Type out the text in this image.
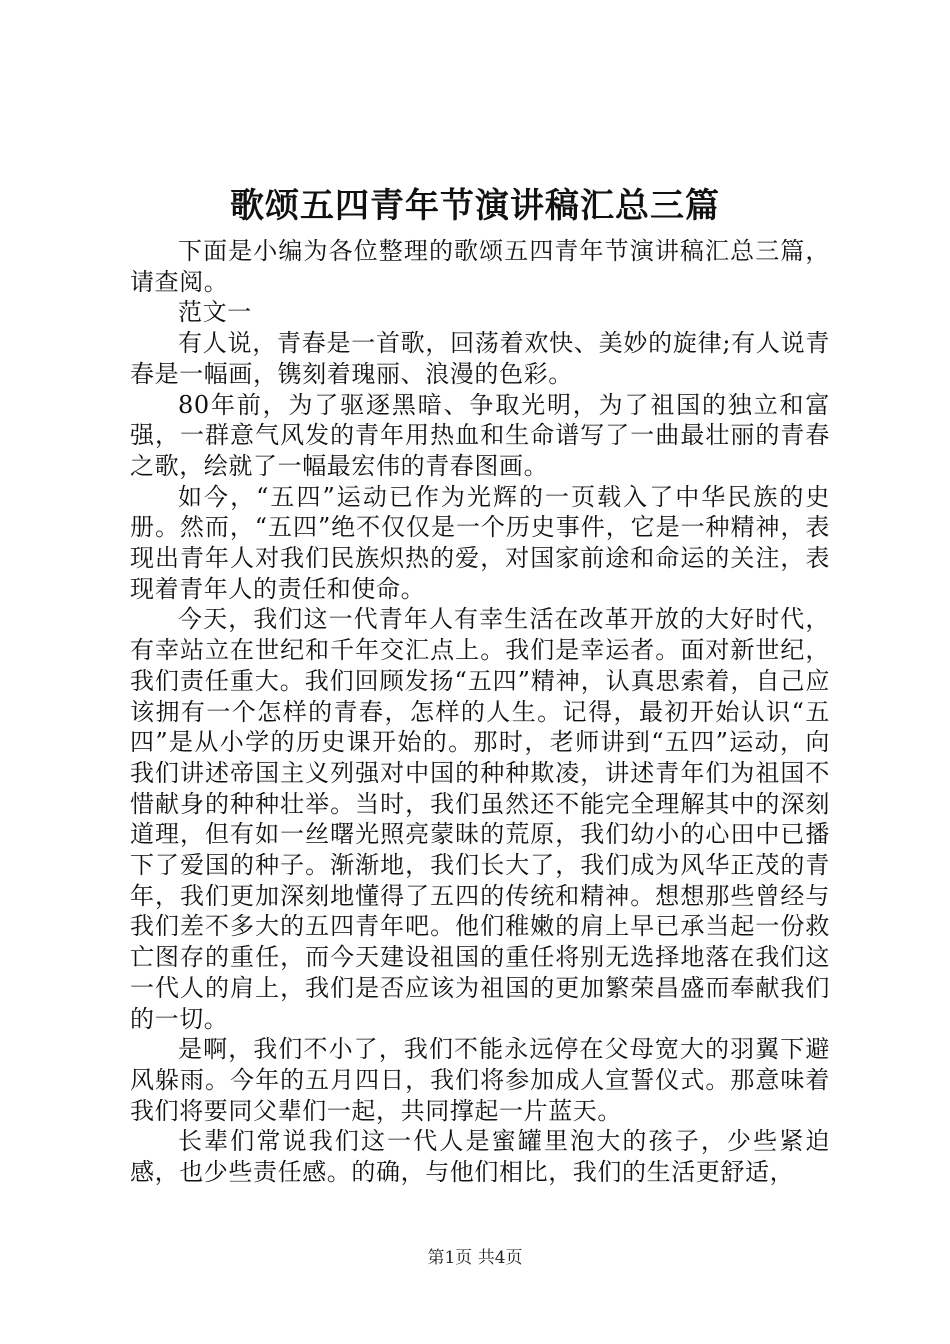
歌颂五四青年节演讲稿汇总三篇

下面是小编为各位整理的歌颂五四青年节演讲稿汇总三篇，请查阅。

范文一

有人说，青春是一首歌，回荡着欢快、美妙的旋律;有人说青春是一幅画，镌刻着瑰丽、浪漫的色彩。

80年前，为了驱逐黑暗、争取光明，为了祖国的独立和富强，一群意气风发的青年用热血和生命谱写了一曲最壮丽的青春之歌，绘就了一幅最宏伟的青春图画。

如今，“五四”运动已作为光辉的一页载入了中华民族的史册。然而，“五四”绝不仅仅是一个历史事件，它是一种精神，表现出青年人对我们民族炽热的爱，对国家前途和命运的关注，表现着青年人的责任和使命。

今天，我们这一代青年人有幸生活在改革开放的大好时代，有幸站立在世纪和千年交汇点上。我们是幸运者。面对新世纪，我们责任重大。我们回顾发扬“五四”精神，认真思索着，自己应该拥有一个怎样的青春，怎样的人生。记得，最初开始认识“五四”是从小学的历史课开始的。那时，老师讲到“五四”运动，向我们讲述帝国主义列强对中国的种种欺凌，讲述青年们为祖国不惜献身的种种壮举。当时，我们虽然还不能完全理解其中的深刻道理，但有如一丝曙光照亮蒙昧的荒原，我们幼小的心田中已播下了爱国的种子。渐渐地，我们长大了，我们成为风华正茂的青年，我们更加深刻地懂得了五四的传统和精神。想想那些曾经与我们差不多大的五四青年吧。他们稚嫩的肩上早已承当起一份救亡图存的重任，而今天建设祖国的重任将别无选择地落在我们这一代人的肩上，我们是否应该为祖国的更加繁荣昌盛而奉献我们的一切。

是啊，我们不小了，我们不能永远停在父母宽大的羽翼下避风躲雨。今年的五月四日，我们将参加成人宣誓仪式。那意味着我们将要同父辈们一起，共同撑起一片蓝天。

长辈们常说我们这一代人是蜜罐里泡大的孩子，少些紧迫感，也少些责任感。的确，与他们相比，我们的生活更舒适，

第1页 共4页
